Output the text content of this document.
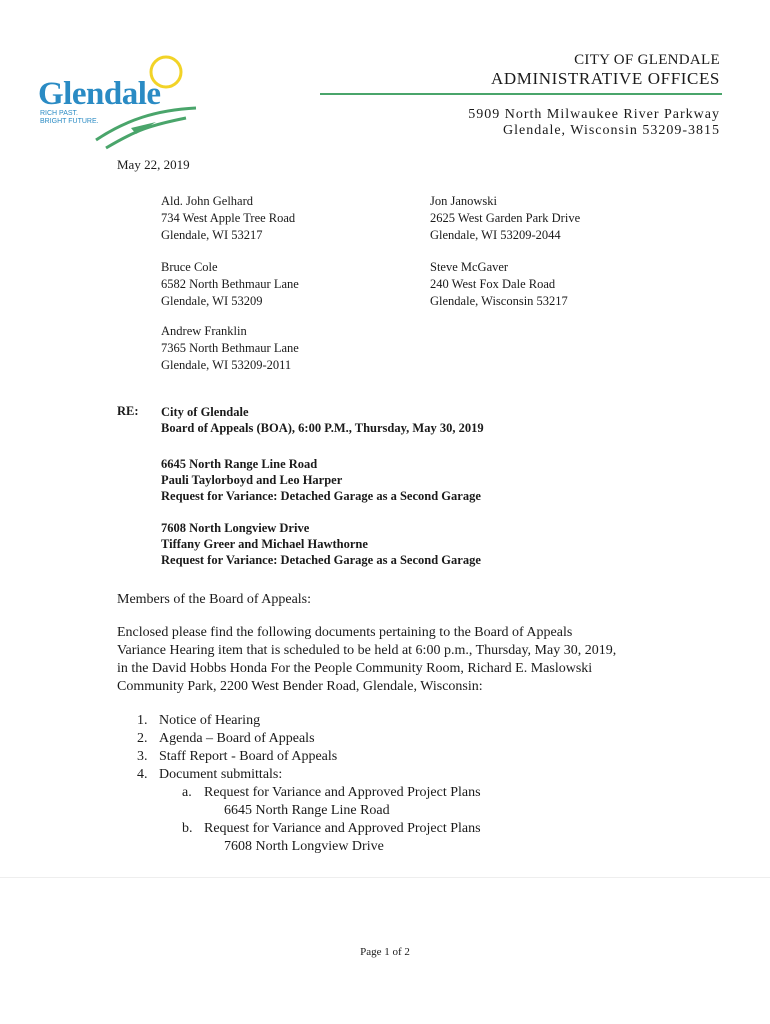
Glendale
RICH PAST.
BRIGHT FUTURE.
CITY OF GLENDALE
ADMINISTRATIVE OFFICES
5909 North Milwaukee River Parkway
Glendale, Wisconsin 53209-3815
May 22, 2019
Ald. John Gelhard
734 West Apple Tree Road
Glendale, WI 53217
Jon Janowski
2625 West Garden Park Drive
Glendale, WI 53209-2044
Bruce Cole
6582 North Bethmaur Lane
Glendale, WI 53209
Steve McGaver
240 West Fox Dale Road
Glendale, Wisconsin 53217
Andrew Franklin
7365 North Bethmaur Lane
Glendale, WI 53209-2011
RE: City of Glendale
Board of Appeals (BOA), 6:00 P.M., Thursday, May 30, 2019
6645 North Range Line Road
Pauli Taylorboyd and Leo Harper
Request for Variance: Detached Garage as a Second Garage
7608 North Longview Drive
Tiffany Greer and Michael Hawthorne
Request for Variance: Detached Garage as a Second Garage
Members of the Board of Appeals:
Enclosed please find the following documents pertaining to the Board of Appeals
Variance Hearing item that is scheduled to be held at 6:00 p.m., Thursday, May 30, 2019,
in the David Hobbs Honda For the People Community Room, Richard E. Maslowski
Community Park, 2200 West Bender Road, Glendale, Wisconsin:
1. Notice of Hearing
2. Agenda – Board of Appeals
3. Staff Report - Board of Appeals
4. Document submittals:
a. Request for Variance and Approved Project Plans
6645 North Range Line Road
b. Request for Variance and Approved Project Plans
7608 North Longview Drive
Page 1 of 2
